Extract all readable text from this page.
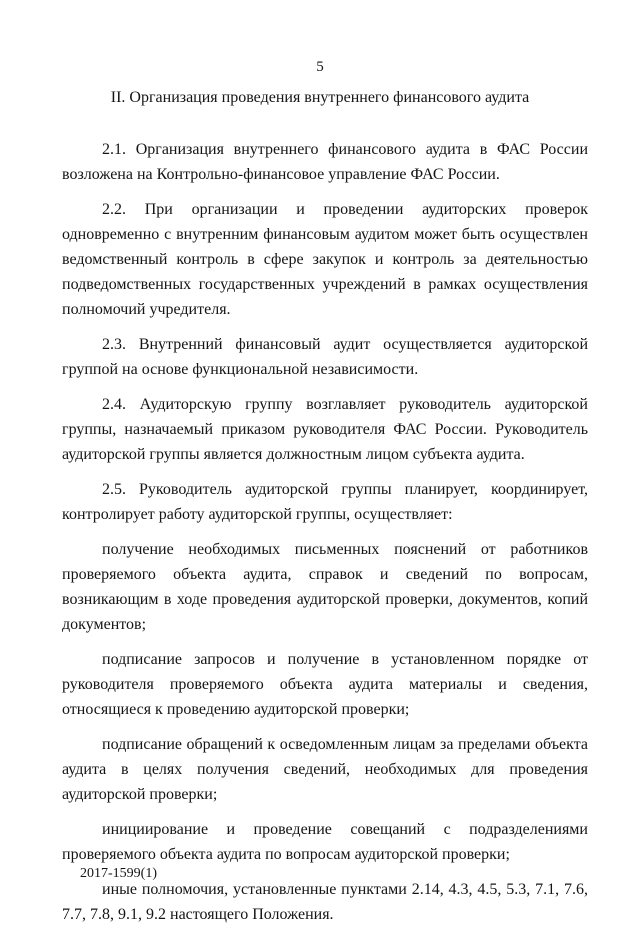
5
II. Организация проведения внутреннего финансового аудита

2.1. Организация внутреннего финансового аудита в ФАС России возложена на Контрольно-финансовое управление ФАС России.

2.2. При организации и проведении аудиторских проверок одновременно с внутренним финансовым аудитом может быть осуществлен ведомственный контроль в сфере закупок и контроль за деятельностью подведомственных государственных учреждений в рамках осуществления полномочий учредителя.

2.3. Внутренний финансовый аудит осуществляется аудиторской группой на основе функциональной независимости.

2.4. Аудиторскую группу возглавляет руководитель аудиторской группы, назначаемый приказом руководителя ФАС России. Руководитель аудиторской группы является должностным лицом субъекта аудита.

2.5. Руководитель аудиторской группы планирует, координирует, контролирует работу аудиторской группы, осуществляет:

получение необходимых письменных пояснений от работников проверяемого объекта аудита, справок и сведений по вопросам, возникающим в ходе проведения аудиторской проверки, документов, копий документов;

подписание запросов и получение в установленном порядке от руководителя проверяемого объекта аудита материалы и сведения, относящиеся к проведению аудиторской проверки;

подписание обращений к осведомленным лицам за пределами объекта аудита в целях получения сведений, необходимых для проведения аудиторской проверки;

инициирование и проведение совещаний с подразделениями проверяемого объекта аудита по вопросам аудиторской проверки;

иные полномочия, установленные пунктами 2.14, 4.3, 4.5, 5.3, 7.1, 7.6, 7.7, 7.8, 9.1, 9.2 настоящего Положения.

2017-1599(1)
